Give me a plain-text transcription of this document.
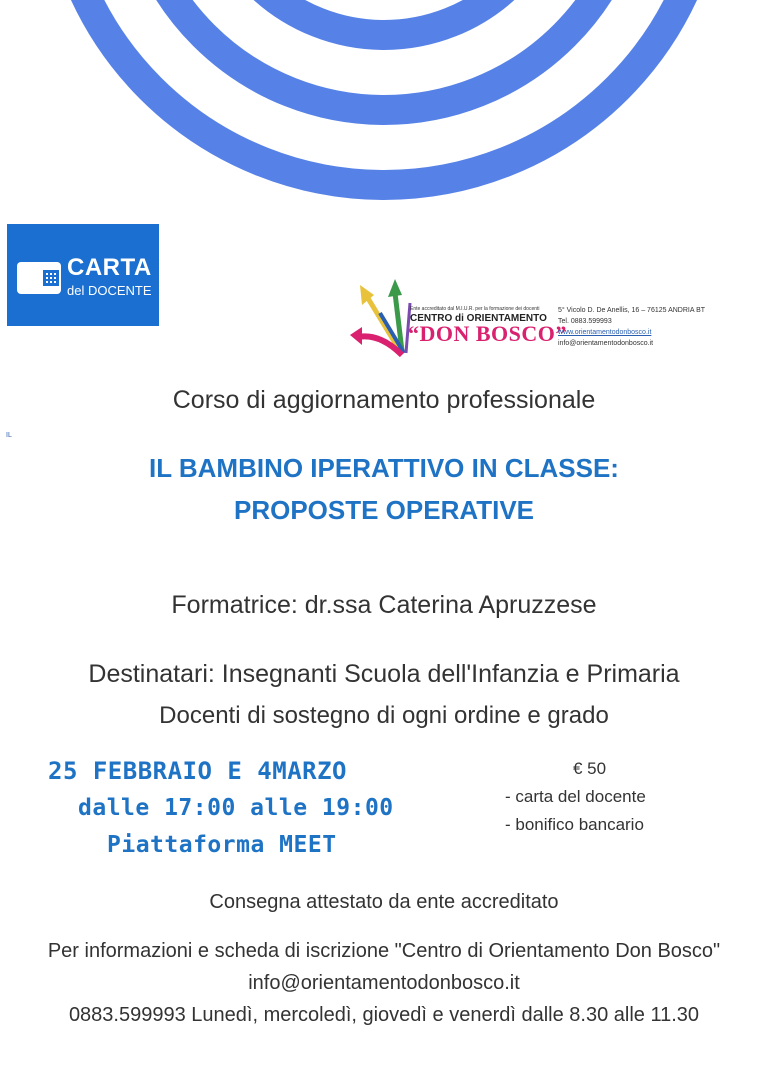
CARTA
del DOCENTE
Ente accreditato dal M.I.U.R. per la formazione dei docenti
CENTRO di ORIENTAMENTO
“DON BOSCO”
5° Vicolo D. De Anellis, 16 – 76125 ANDRIA BT
Tel. 0883.599993
www.orientamentodonbosco.it
info@orientamentodonbosco.it
IL
Corso di aggiornamento professionale
IL BAMBINO IPERATTIVO IN CLASSE:
PROPOSTE OPERATIVE
Formatrice: dr.ssa Caterina Apruzzese
Destinatari: Insegnanti Scuola dell'Infanzia e Primaria
Docenti di sostegno di ogni ordine e grado
25 FEBBRAIO E 4MARZO
dalle 17:00 alle 19:00
Piattaforma MEET
€ 50
- carta del docente
- bonifico bancario
Consegna attestato da ente accreditato
Per informazioni e scheda di iscrizione "Centro di Orientamento Don Bosco"
info@orientamentodonbosco.it
0883.599993 Lunedì, mercoledì, giovedì e venerdì dalle 8.30 alle 11.30
